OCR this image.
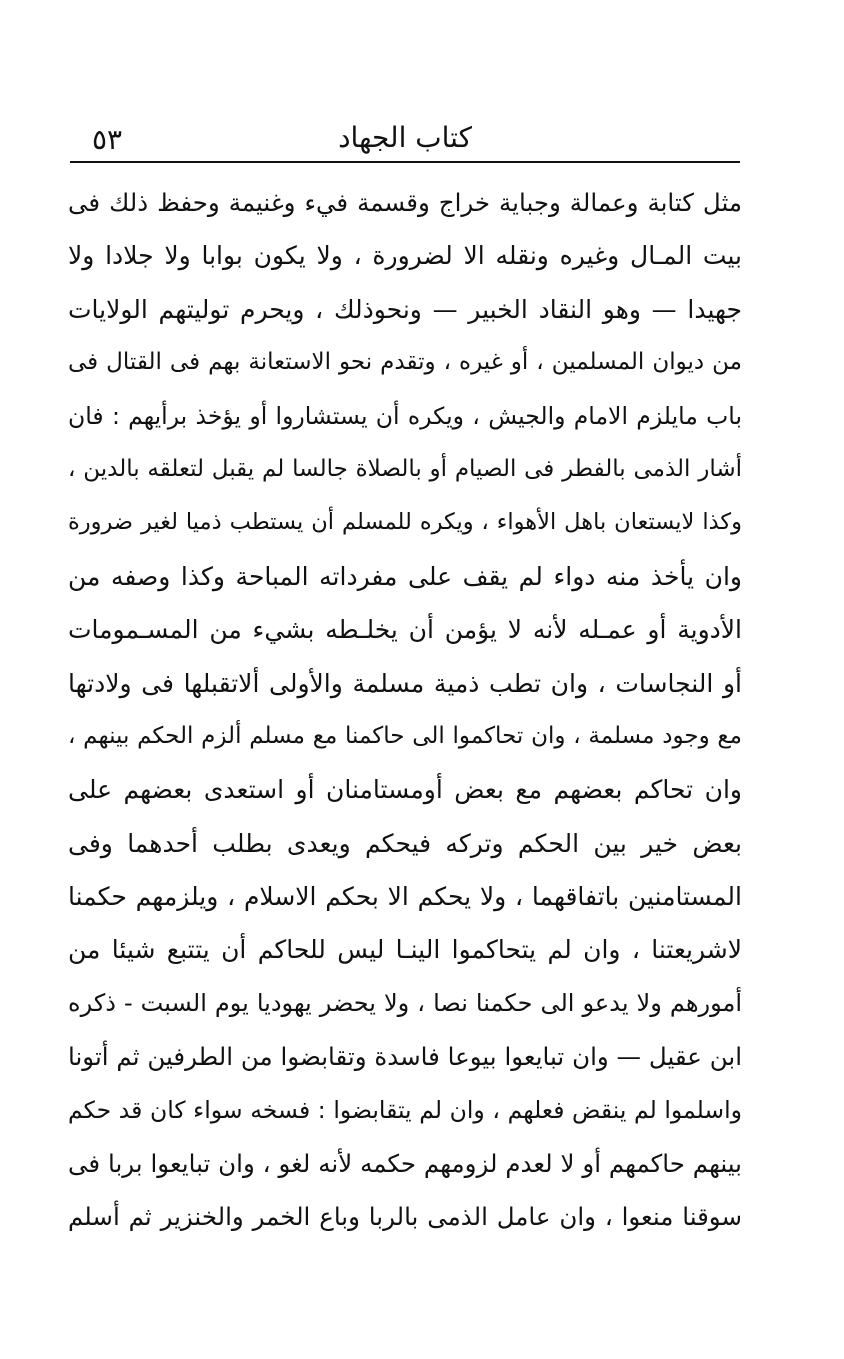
كتاب الجهاد
٥٣
مثل كتابة وعمالة وجباية خراج وقسمة فيء وغنيمة وحفظ ذلك فى
بيت المـال وغيره ونقله الا لضرورة ، ولا يكون بوابا ولا جلادا ولا
جهيدا — وهو النقاد الخبير — ونحوذلك ، ويحرم توليتهم الولايات
من ديوان المسلمين ، أو غيره ، وتقدم نحو الاستعانة بهم فى القتال فى
باب مايلزم الامام والجيش ، ويكره أن يستشاروا أو يؤخذ برأيهم : فان
أشار الذمى بالفطر فى الصيام أو بالصلاة جالسا لم يقبل لتعلقه بالدين ،
وكذا لايستعان باهل الأهواء ، ويكره للمسلم أن يستطب ذميا لغير ضرورة
وان يأخذ منه دواء لم يقف على مفرداته المباحة وكذا وصفه من
الأدوية أو عمـله لأنه لا يؤمن أن يخلـطه بشيء من المسـمومات
أو النجاسات ، وان تطب ذمية مسلمة والأولى ألاتقبلها فى ولادتها
مع وجود مسلمة ، وان تحاكموا الى حاكمنا مع مسلم ألزم الحكم بينهم ،
وان تحاكم بعضهم مع بعض أومستامنان أو استعدى بعضهم على
بعض خير بين الحكم وتركه فيحكم ويعدى بطلب أحدهما وفى
المستامنين باتفاقهما ، ولا يحكم الا بحكم الاسلام ، ويلزمهم حكمنا
لاشريعتنا ، وان لم يتحاكموا الينـا ليس للحاكم أن يتتبع شيئا من
أمورهم ولا يدعو الى حكمنا نصا ، ولا يحضر يهوديا يوم السبت - ذكره
ابن عقيل — وان تبايعوا بيوعا فاسدة وتقابضوا من الطرفين ثم أتونا
واسلموا لم ينقض فعلهم ، وان لم يتقابضوا : فسخه سواء كان قد حكم
بينهم حاكمهم أو لا لعدم لزومهم حكمه لأنه لغو ، وان تبايعوا بربا فى
سوقنا منعوا ، وان عامل الذمى بالربا وباع الخمر والخنزير ثم أسلم
